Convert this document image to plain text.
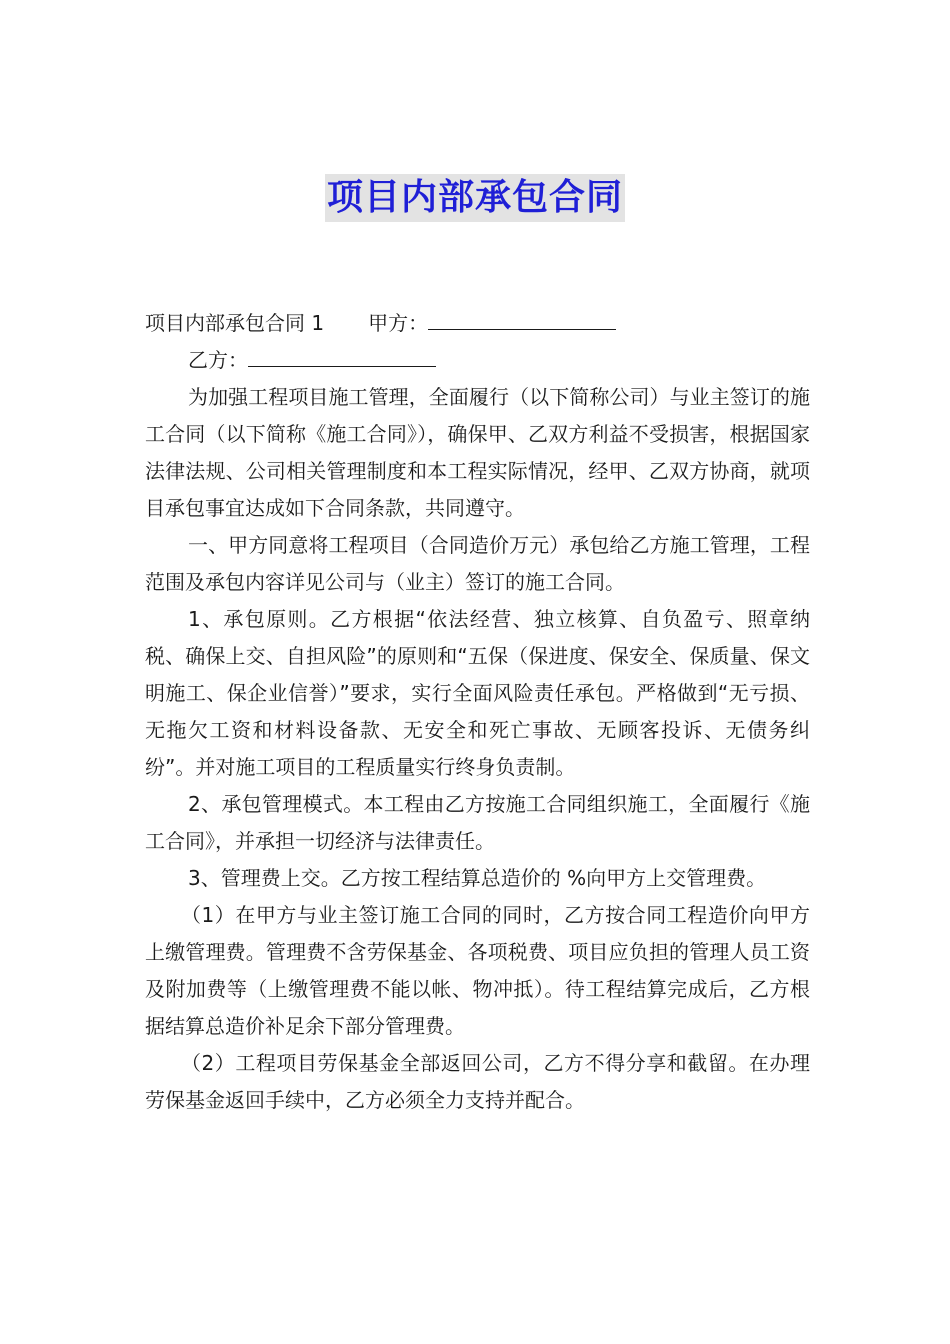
项目内部承包合同

项目内部承包合同 1 甲方：

乙方：

为加强工程项目施工管理，全面履行（以下简称公司）与业主签订的施工合同（以下简称《施工合同》），确保甲、乙双方利益不受损害，根据国家法律法规、公司相关管理制度和本工程实际情况，经甲、乙双方协商，就项目承包事宜达成如下合同条款，共同遵守。

一、甲方同意将工程项目（合同造价万元）承包给乙方施工管理，工程范围及承包内容详见公司与（业主）签订的施工合同。

1、承包原则。乙方根据“依法经营、独立核算、自负盈亏、照章纳税、确保上交、自担风险”的原则和“五保（保进度、保安全、保质量、保文明施工、保企业信誉）”要求，实行全面风险责任承包。严格做到“无亏损、无拖欠工资和材料设备款、无安全和死亡事故、无顾客投诉、无债务纠纷”。并对施工项目的工程质量实行终身负责制。

2、承包管理模式。本工程由乙方按施工合同组织施工，全面履行《施工合同》，并承担一切经济与法律责任。

3、管理费上交。乙方按工程结算总造价的 %向甲方上交管理费。

（1）在甲方与业主签订施工合同的同时，乙方按合同工程造价向甲方上缴管理费。管理费不含劳保基金、各项税费、项目应负担的管理人员工资及附加费等（上缴管理费不能以帐、物冲抵）。待工程结算完成后，乙方根据结算总造价补足余下部分管理费。

（2）工程项目劳保基金全部返回公司，乙方不得分享和截留。在办理劳保基金返回手续中，乙方必须全力支持并配合。
